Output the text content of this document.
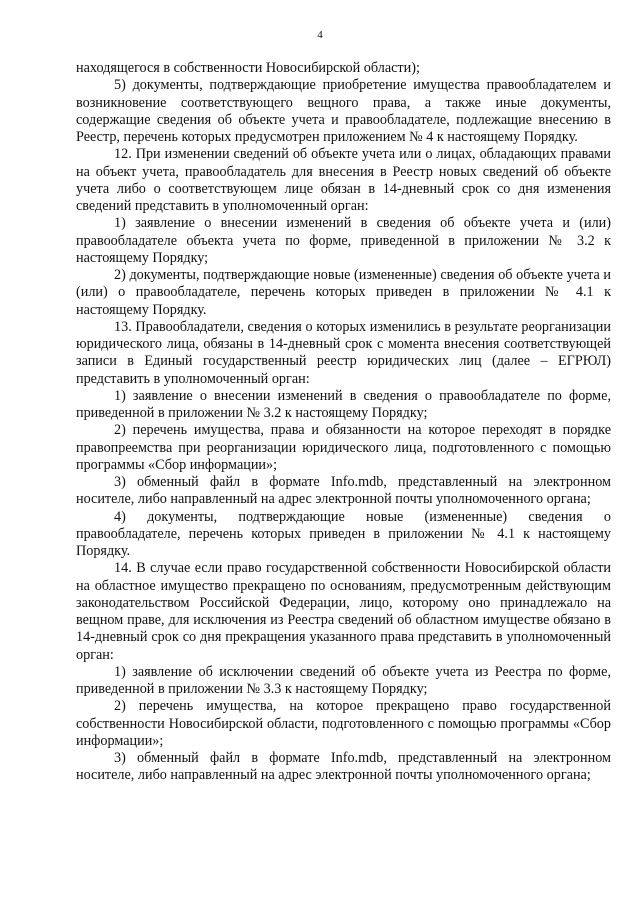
4

находящегося в собственности Новосибирской области);

5) документы, подтверждающие приобретение имущества правообладателем и возникновение соответствующего вещного права, а также иные документы, содержащие сведения об объекте учета и правообладателе, подлежащие внесению в Реестр, перечень которых предусмотрен приложением № 4 к настоящему Порядку.

12. При изменении сведений об объекте учета или о лицах, обладающих правами на объект учета, правообладатель для внесения в Реестр новых сведений об объекте учета либо о соответствующем лице обязан в 14-дневный срок со дня изменения сведений представить в уполномоченный орган:

1) заявление о внесении изменений в сведения об объекте учета и (или) правообладателе объекта учета по форме, приведенной в приложении № 3.2 к настоящему Порядку;

2) документы, подтверждающие новые (измененные) сведения об объекте учета и (или) о правообладателе, перечень которых приведен в приложении № 4.1 к настоящему Порядку.

13. Правообладатели, сведения о которых изменились в результате реорганизации юридического лица, обязаны в 14-дневный срок с момента внесения соответствующей записи в Единый государственный реестр юридических лиц (далее – ЕГРЮЛ) представить в уполномоченный орган:

1) заявление о внесении изменений в сведения о правообладателе по форме, приведенной в приложении № 3.2 к настоящему Порядку;

2) перечень имущества, права и обязанности на которое переходят в порядке правопреемства при реорганизации юридического лица, подготовленного с помощью программы «Сбор информации»;

3) обменный файл в формате Info.mdb, представленный на электронном носителе, либо направленный на адрес электронной почты уполномоченного органа;

4) документы, подтверждающие новые (измененные) сведения о правообладателе, перечень которых приведен в приложении № 4.1 к настоящему Порядку.

14. В случае если право государственной собственности Новосибирской области на областное имущество прекращено по основаниям, предусмотренным действующим законодательством Российской Федерации, лицо, которому оно принадлежало на вещном праве, для исключения из Реестра сведений об областном имуществе обязано в 14-дневный срок со дня прекращения указанного права представить в уполномоченный орган:

1) заявление об исключении сведений об объекте учета из Реестра по форме, приведенной в приложении № 3.3 к настоящему Порядку;

2) перечень имущества, на которое прекращено право государственной собственности Новосибирской области, подготовленного с помощью программы «Сбор информации»;

3) обменный файл в формате Info.mdb, представленный на электронном носителе, либо направленный на адрес электронной почты уполномоченного органа;
